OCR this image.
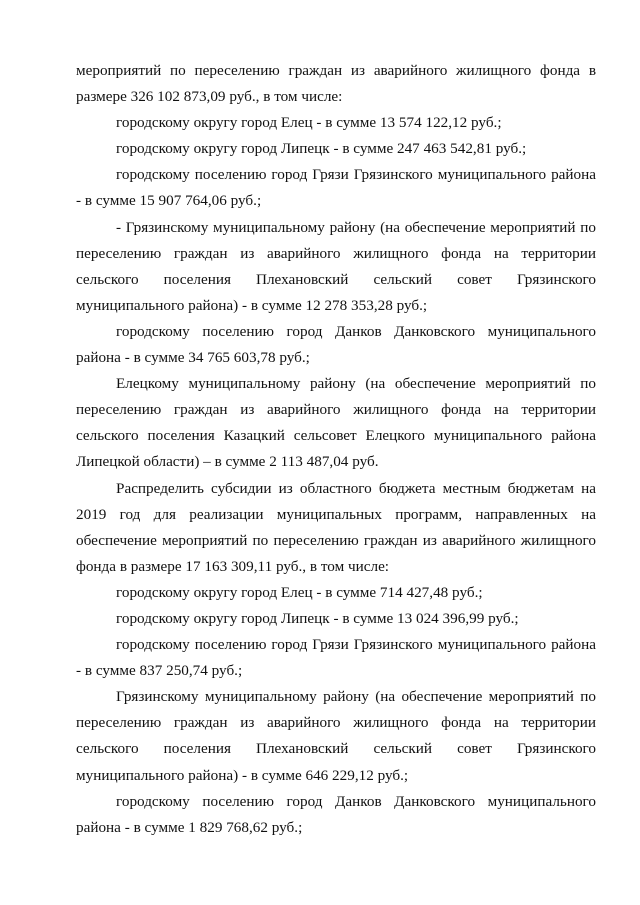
мероприятий по переселению граждан из аварийного жилищного фонда в размере 326 102 873,09 руб., в том числе:

городскому округу город Елец - в сумме 13 574 122,12 руб.;

городскому округу город Липецк - в сумме 247 463 542,81 руб.;

городскому поселению город Грязи Грязинского муниципального района - в сумме 15 907 764,06 руб.;

- Грязинскому муниципальному району (на обеспечение мероприятий по переселению граждан из аварийного жилищного фонда на территории сельского поселения Плехановский сельский совет Грязинского муниципального района) - в сумме 12 278 353,28 руб.;

городскому поселению город Данков Данковского муниципального района - в сумме 34 765 603,78 руб.;

Елецкому муниципальному району (на обеспечение мероприятий по переселению граждан из аварийного жилищного фонда на территории сельского поселения Казацкий сельсовет Елецкого муниципального района Липецкой области) – в сумме 2 113 487,04 руб.

Распределить субсидии из областного бюджета местным бюджетам на 2019 год для реализации муниципальных программ, направленных на обеспечение мероприятий по переселению граждан из аварийного жилищного фонда в размере 17 163 309,11 руб., в том числе:

городскому округу город Елец - в сумме 714 427,48 руб.;

городскому округу город Липецк - в сумме 13 024 396,99 руб.;

городскому поселению город Грязи Грязинского муниципального района - в сумме 837 250,74 руб.;

Грязинскому муниципальному району (на обеспечение мероприятий по переселению граждан из аварийного жилищного фонда на территории сельского поселения Плехановский сельский совет Грязинского муниципального района) - в сумме 646 229,12 руб.;

городскому поселению город Данков Данковского муниципального района - в сумме 1 829 768,62 руб.;
